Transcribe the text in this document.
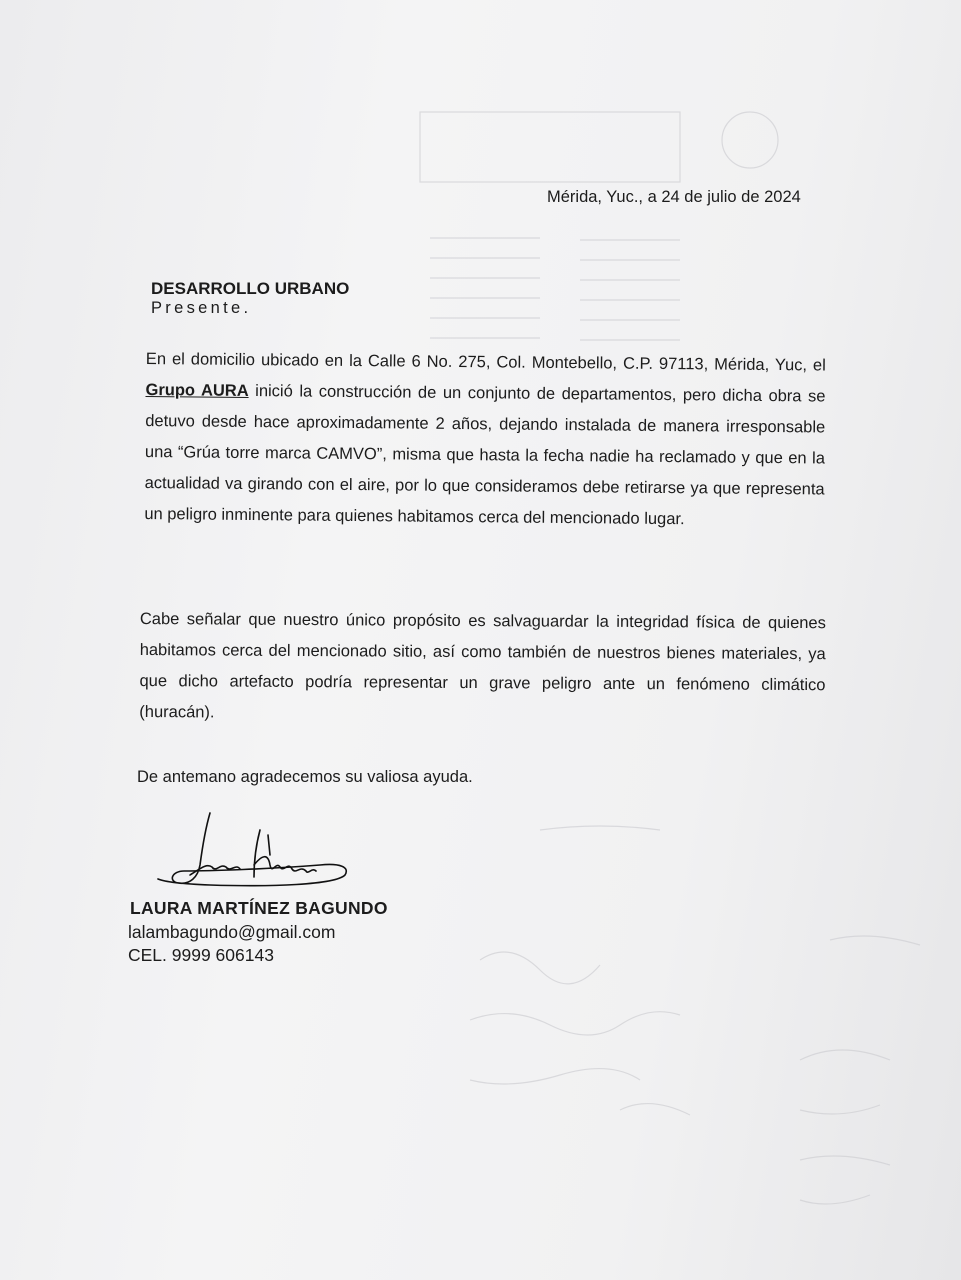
Mérida, Yuc., a 24 de julio de 2024
DESARROLLO URBANO
Presente.
En el domicilio ubicado en la Calle 6 No. 275, Col. Montebello, C.P. 97113, Mérida, Yuc, el Grupo AURA inició la construcción de un conjunto de departamentos, pero dicha obra se detuvo desde hace aproximadamente 2 años, dejando instalada de manera irresponsable una “Grúa torre marca CAMVO”, misma que hasta la fecha nadie ha reclamado y que en la actualidad va girando con el aire, por lo que consideramos debe retirarse ya que representa un peligro inminente para quienes habitamos cerca del mencionado lugar.
Cabe señalar que nuestro único propósito es salvaguardar la integridad física de quienes habitamos cerca del mencionado sitio, así como también de nuestros bienes materiales, ya que dicho artefacto podría representar un grave peligro ante un fenómeno climático (huracán).
De antemano agradecemos su valiosa ayuda.
LAURA MARTÍNEZ BAGUNDO
lalambagundo@gmail.com
CEL. 9999 606143
